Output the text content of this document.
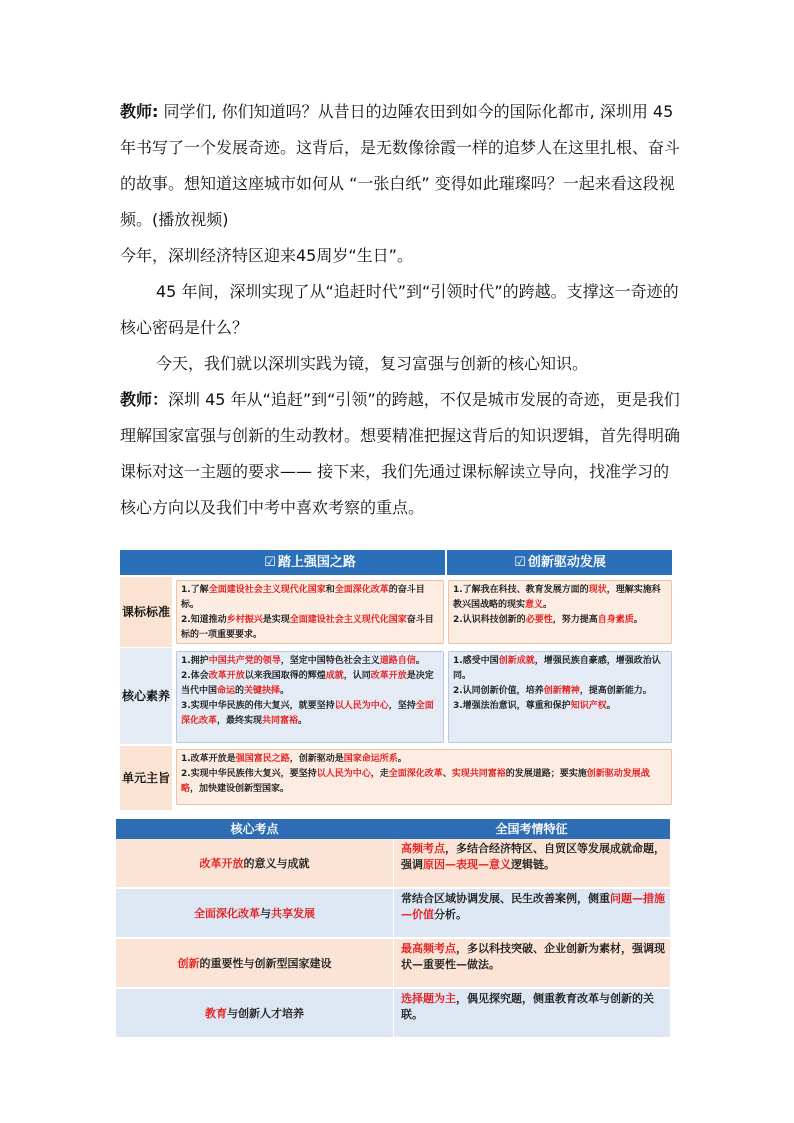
教师: 同学们, 你们知道吗？从昔日的边陲农田到如今的国际化都市, 深圳用 45 年书写了一个发展奇迹。这背后，是无数像徐霞一样的追梦人在这里扎根、奋斗的故事。想知道这座城市如何从 “一张白纸” 变得如此璀璨吗？一起来看这段视频。(播放视频)
今年，深圳经济特区迎来45周岁“生日”。
45 年间，深圳实现了从“追赶时代”到“引领时代”的跨越。支撑这一奇迹的核心密码是什么？
今天，我们就以深圳实践为镜，复习富强与创新的核心知识。
教师：深圳 45 年从“追赶”到“引领”的跨越，不仅是城市发展的奇迹，更是我们理解国家富强与创新的生动教材。想要精准把握这背后的知识逻辑，首先得明确课标对这一主题的要求—— 接下来，我们先通过课标解读立导向，找准学习的核心方向以及我们中考中喜欢考察的重点。
☑ 踏上强国之路	☑ 创新驱动发展
课标标准
1.了解全面建设社会主义现代化国家和全面深化改革的奋斗目标。
2.知道推动乡村振兴是实现全面建设社会主义现代化国家奋斗目标的一项重要要求。
1.了解我在科技、教育发展方面的现状，理解实施科教兴国战略的现实意义。
2.认识科技创新的必要性，努力提高自身素质。
核心素养
1.拥护中国共产党的领导，坚定中国特色社会主义道路自信。
2.体会改革开放以来我国取得的辉煌成就，认同改革开放是决定当代中国命运的关键抉择。
3.实现中华民族的伟大复兴，就要坚持以人民为中心，坚持全面深化改革，最终实现共同富裕。
1.感受中国创新成就，增强民族自豪感，增强政治认同。
2.认同创新价值，培养创新精神，提高创新能力。
3.增强法治意识，尊重和保护知识产权。
单元主旨
1.改革开放是强国富民之路，创新驱动是国家命运所系。
2.实现中华民族伟大复兴，要坚持以人民为中心，走全面深化改革、实现共同富裕的发展道路；要实施创新驱动发展战略，加快建设创新型国家。
核心考点	全国考情特征
改革开放 的意义与成就
高频考点，多结合经济特区、自贸区等发展成就命题，强调原因—表现—意义逻辑链。
全面深化改革 与 共享发展
常结合区域协调发展、民生改善案例，侧重问题—措施—价值分析。
创新 的重要性与创新型国家建设
最高频考点，多以科技突破、企业创新为素材，强调现状—重要性—做法。
教育 与创新人才培养
选择题为主，偶见探究题，侧重教育改革与创新的关联。
